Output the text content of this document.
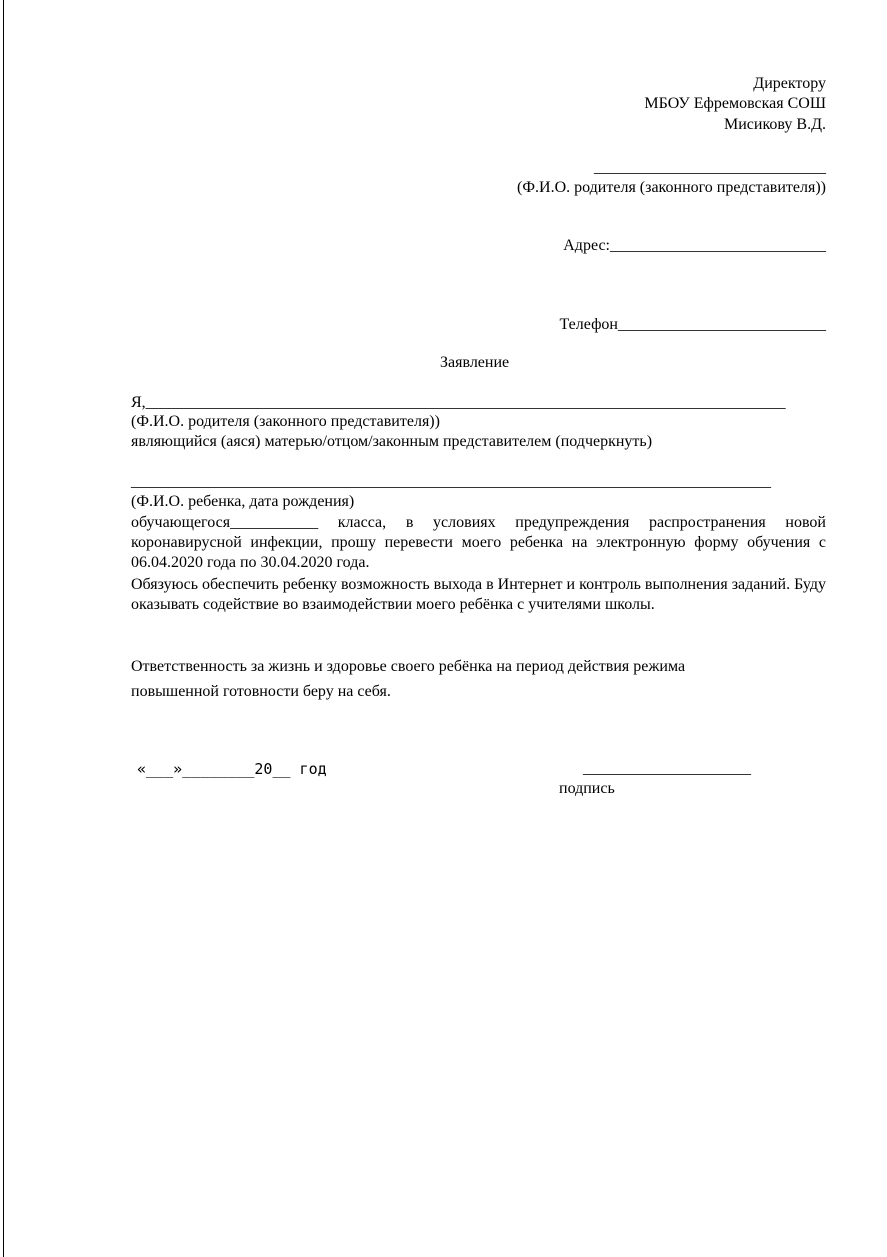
Директору
МБОУ Ефремовская СОШ
Мисикову В.Д.
_____________________________
(Ф.И.О. родителя (законного представителя))
Адрес:___________________________
Телефон__________________________
Заявление
Я,________________________________________________________________________________
(Ф.И.О. родителя (законного представителя))
являющийся (аяся) матерью/отцом/законным представителем (подчеркнуть)
________________________________________________________________________________
(Ф.И.О. ребенка, дата рождения)
обучающегося___________ класса, в условиях предупреждения распространения новой коронавирусной инфекции, прошу перевести моего ребенка на электронную форму обучения с 06.04.2020 года по 30.04.2020 года.
Обязуюсь обеспечить ребенку возможность выхода в Интернет и контроль выполнения заданий. Буду оказывать содействие во взаимодействии моего ребёнка с учителями школы.
Ответственность за жизнь и здоровье своего ребёнка на период действия режима
повышенной готовности беру на себя.
«___»________20__ год	_____________________
подпись
